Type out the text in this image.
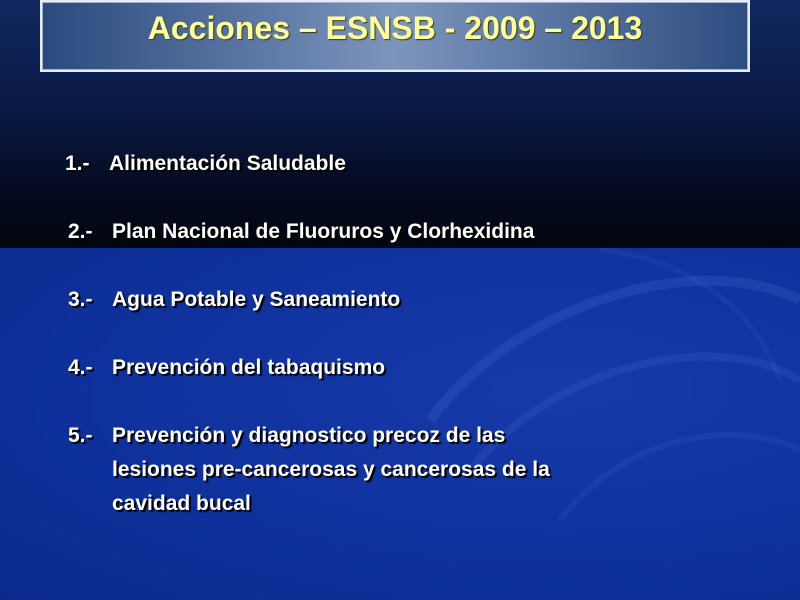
Acciones – ESNSB - 2009 – 2013
1.- Alimentación Saludable
2.- Plan Nacional de Fluoruros y Clorhexidina
3.- Agua Potable y Saneamiento
4.- Prevención del tabaquismo
5.- Prevención y diagnostico precoz de las
lesiones pre-cancerosas y cancerosas de la
cavidad bucal
